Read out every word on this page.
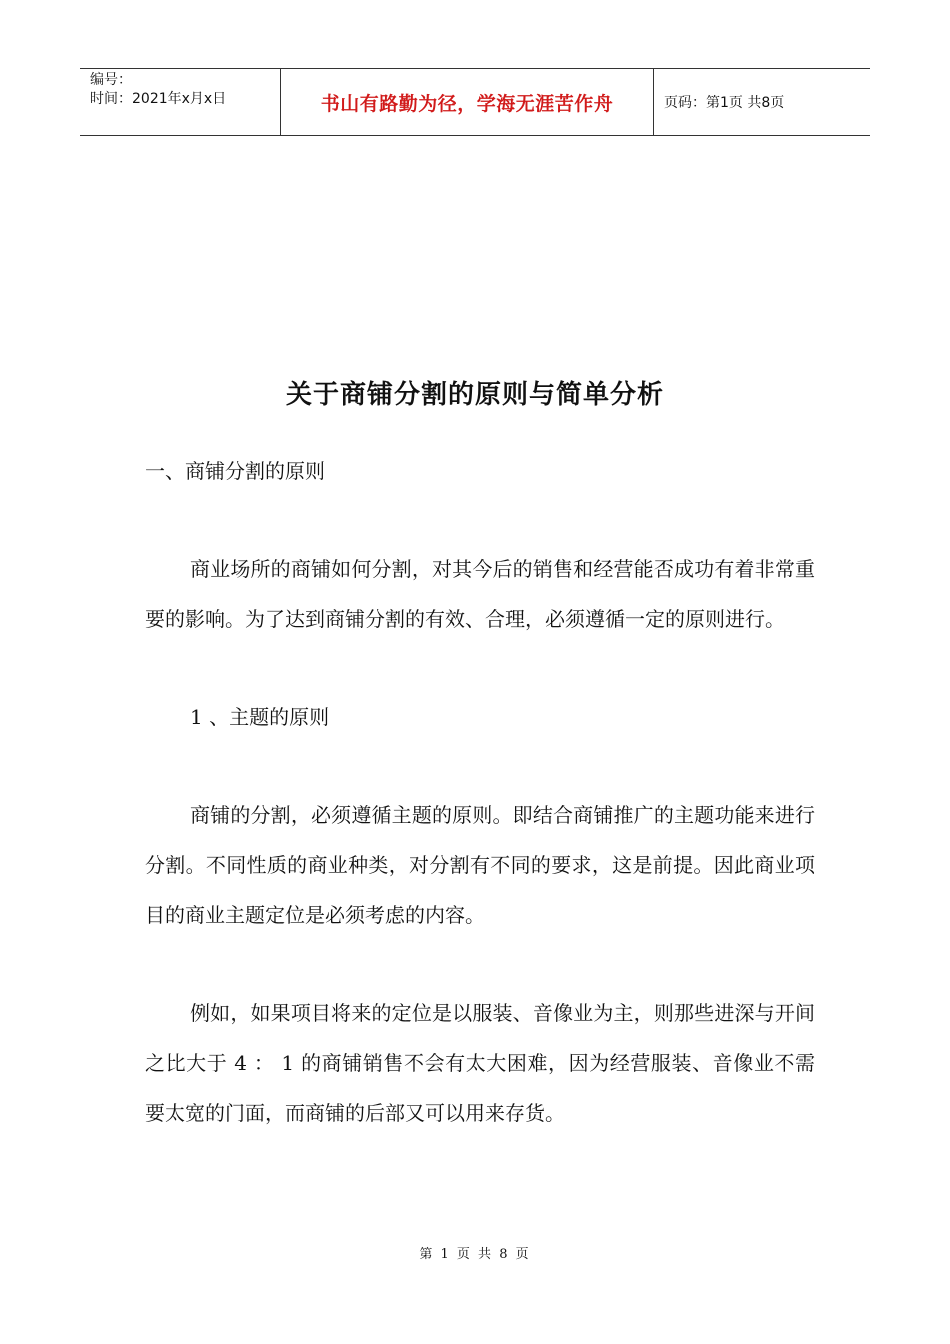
编号：
时间：2021年x月x日	书山有路勤为径，学海无涯苦作舟	页码：第1页 共8页
关于商铺分割的原则与简单分析

一、商铺分割的原则

商业场所的商铺如何分割，对其今后的销售和经营能否成功有着非常重要的影响。为了达到商铺分割的有效、合理，必须遵循一定的原则进行。

1 、主题的原则

商铺的分割，必须遵循主题的原则。即结合商铺推广的主题功能来进行分割。不同性质的商业种类，对分割有不同的要求，这是前提。因此商业项目的商业主题定位是必须考虑的内容。

例如，如果项目将来的定位是以服装、音像业为主，则那些进深与开间之比大于 4 ： 1 的商铺销售不会有太大困难，因为经营服装、音像业不需要太宽的门面，而商铺的后部又可以用来存货。

第 1 页 共 8 页
